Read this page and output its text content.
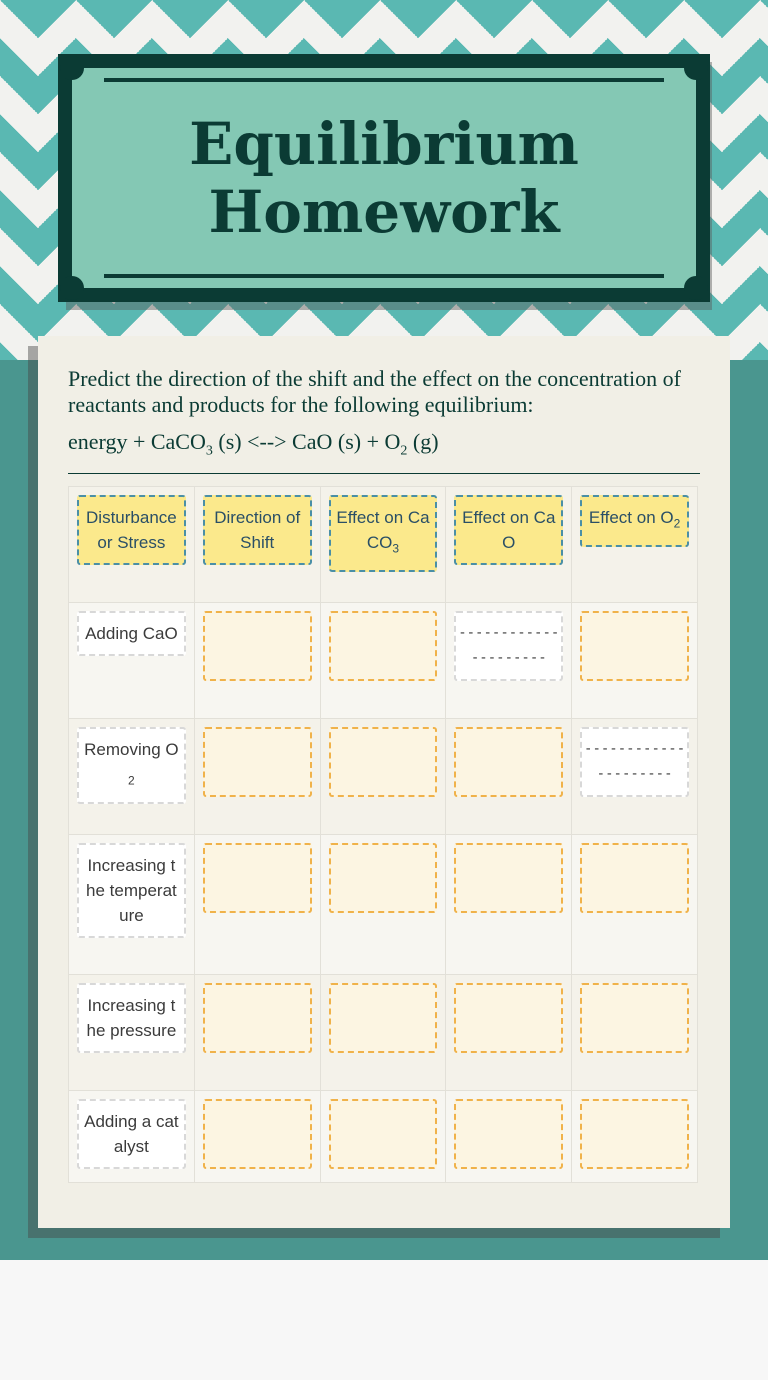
Equilibrium Homework

Predict the direction of the shift and the effect on the concentration of reactants and products for the following equilibrium:

energy + CaCO$_3$ (s) <--> CaO $(s) + O_2$ (g)

Disturbance or Stress	Direction of Shift	Effect on CaCO$_3$	Effect on CaO	Effect on $O_2$

Adding CaO			---------------------	

Removing $O_2$				---------------------

Increasing the temperature				

Increasing the pressure				

Adding a catalyst				
